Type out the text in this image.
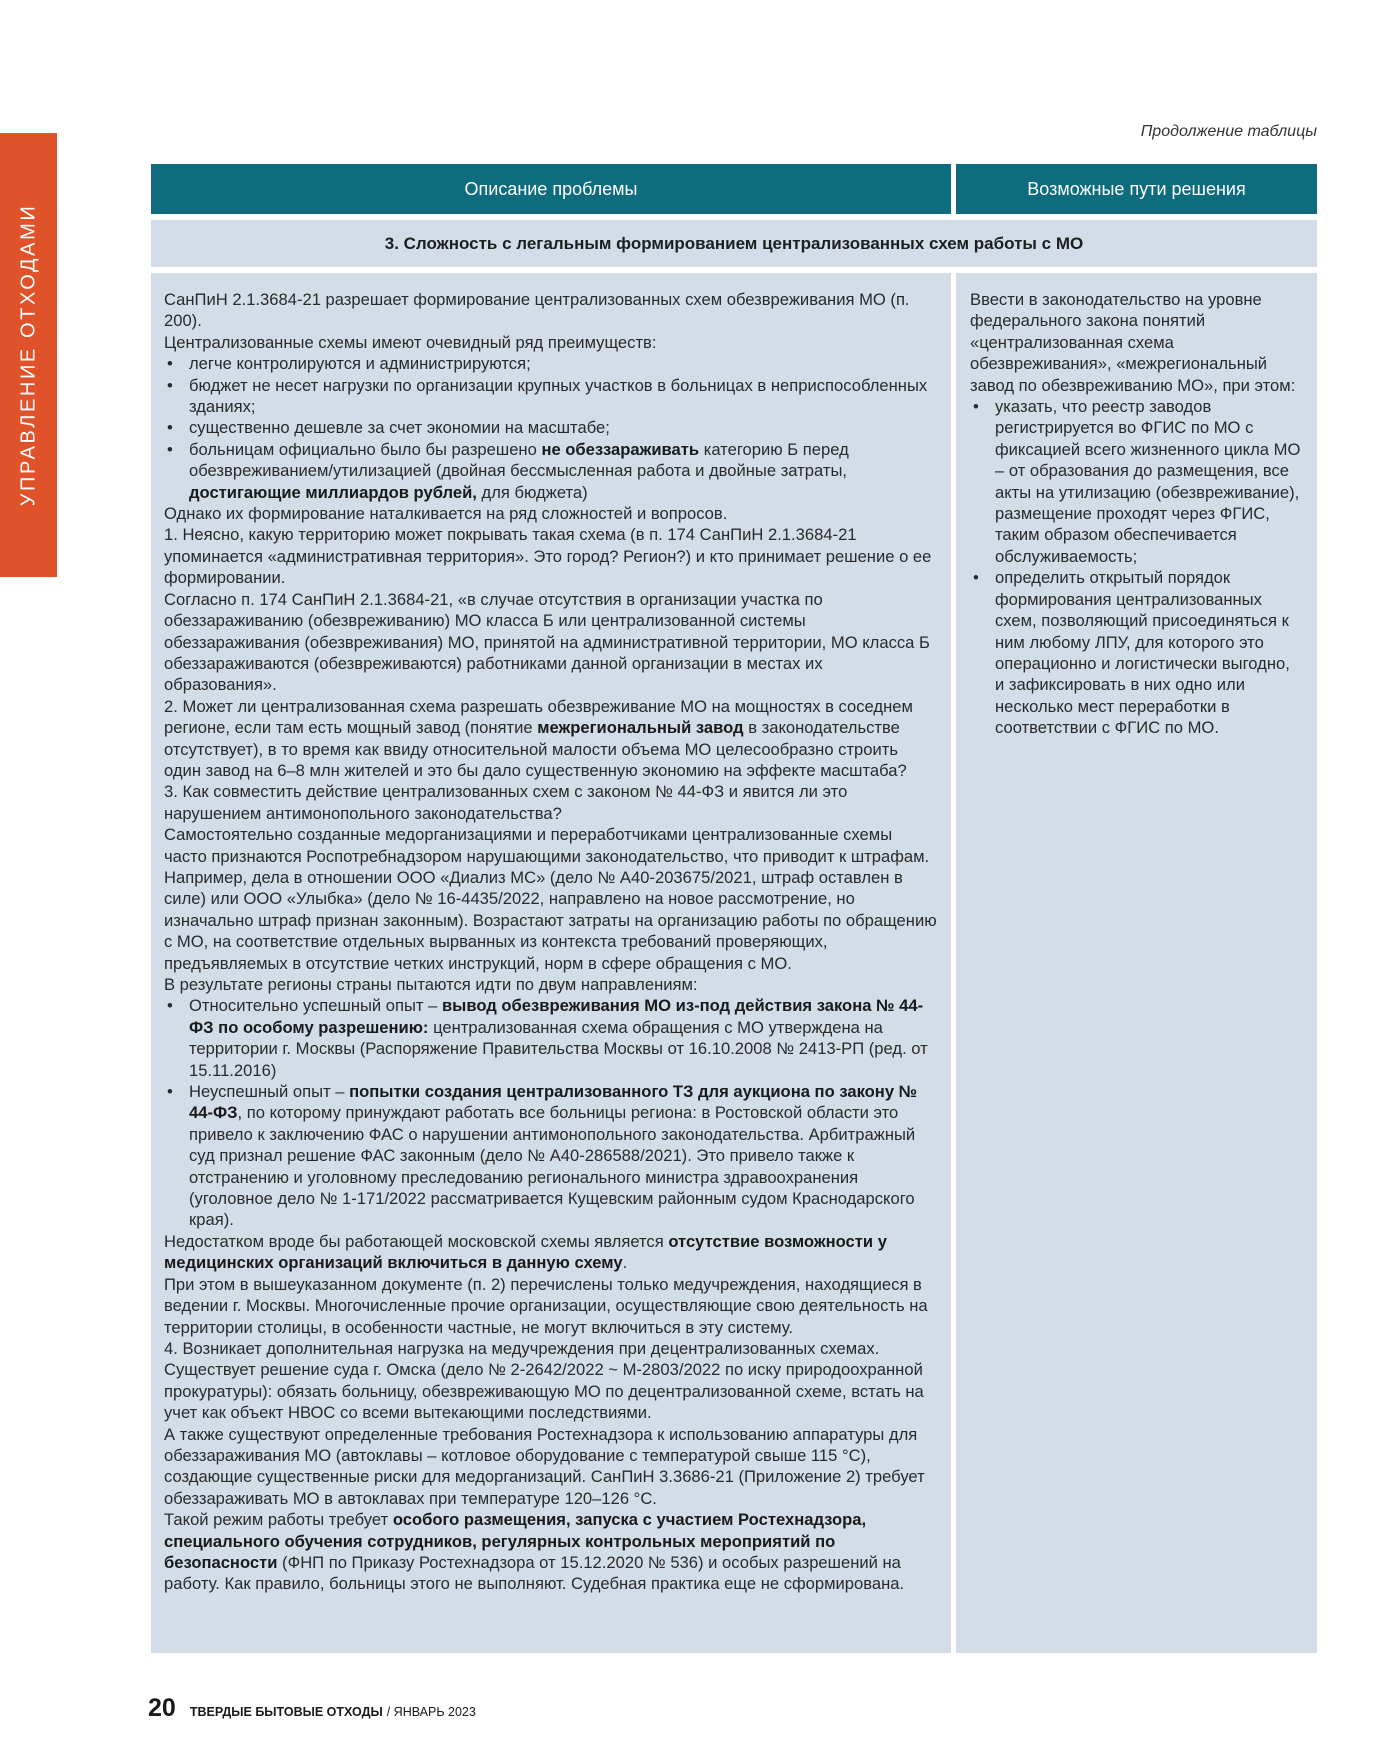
УПРАВЛЕНИЕ ОТХОДАМИ
Продолжение таблицы
Описание проблемы	Возможные пути решения
3. Сложность с легальным формированием централизованных схем работы с МО
СанПиН 2.1.3684-21 разрешает формирование централизованных схем обезвреживания МО (п. 200).
Централизованные схемы имеют очевидный ряд преимуществ:
• легче контролируются и администрируются;
• бюджет не несет нагрузки по организации крупных участков в больницах в неприспособленных зданиях;
• существенно дешевле за счет экономии на масштабе;
• больницам официально было бы разрешено не обеззараживать категорию Б перед обезвреживанием/утилизацией (двойная бессмысленная работа и двойные затраты, достигающие миллиардов рублей, для бюджета)
Однако их формирование наталкивается на ряд сложностей и вопросов.
1. Неясно, какую территорию может покрывать такая схема (в п. 174 СанПиН 2.1.3684-21 упоминается «административная территория». Это город? Регион?) и кто принимает решение о ее формировании.
Согласно п. 174 СанПиН 2.1.3684-21, «в случае отсутствия в организации участка по обеззараживанию (обезвреживанию) МО класса Б или централизованной системы обеззараживания (обезвреживания) МО, принятой на административной территории, МО класса Б обеззараживаются (обезвреживаются) работниками данной организации в местах их образования».
2. Может ли централизованная схема разрешать обезвреживание МО на мощностях в соседнем регионе, если там есть мощный завод (понятие межрегиональный завод в законодательстве отсутствует), в то время как ввиду относительной малости объема МО целесообразно строить один завод на 6–8 млн жителей и это бы дало существенную экономию на эффекте масштаба?
3. Как совместить действие централизованных схем с законом № 44-ФЗ и явится ли это нарушением антимонопольного законодательства?
Самостоятельно созданные медорганизациями и переработчиками централизованные схемы часто признаются Роспотребнадзором нарушающими законодательство, что приводит к штрафам. Например, дела в отношении ООО «Диализ МС» (дело № А40-203675/2021, штраф оставлен в силе) или ООО «Улыбка» (дело № 16-4435/2022, направлено на новое рассмотрение, но изначально штраф признан законным). Возрастают затраты на организацию работы по обращению с МО, на соответствие отдельных вырванных из контекста требований проверяющих, предъявляемых в отсутствие четких инструкций, норм в сфере обращения с МО.
В результате регионы страны пытаются идти по двум направлениям:
• Относительно успешный опыт – вывод обезвреживания МО из-под действия закона № 44-ФЗ по особому разрешению: централизованная схема обращения с МО утверждена на территории г. Москвы (Распоряжение Правительства Москвы от 16.10.2008 № 2413-РП (ред. от 15.11.2016)
• Неуспешный опыт – попытки создания централизованного ТЗ для аукциона по закону № 44-ФЗ, по которому принуждают работать все больницы региона: в Ростовской области это привело к заключению ФАС о нарушении антимонопольного законодательства. Арбитражный суд признал решение ФАС законным (дело № А40-286588/2021). Это привело также к отстранению и уголовному преследованию регионального министра здравоохранения (уголовное дело № 1-171/2022 рассматривается Кущевским районным судом Краснодарского края).
Недостатком вроде бы работающей московской схемы является отсутствие возможности у медицинских организаций включиться в данную схему.
При этом в вышеуказанном документе (п. 2) перечислены только медучреждения, находящиеся в ведении г. Москвы. Многочисленные прочие организации, осуществляющие свою деятельность на территории столицы, в особенности частные, не могут включиться в эту систему.
4. Возникает дополнительная нагрузка на медучреждения при децентрализованных схемах. Существует решение суда г. Омска (дело № 2-2642/2022 ~ М-2803/2022 по иску природоохранной прокуратуры): обязать больницу, обезвреживающую МО по децентрализованной схеме, встать на учет как объект НВОС со всеми вытекающими последствиями.
А также существуют определенные требования Ростехнадзора к использованию аппаратуры для обеззараживания МО (автоклавы – котловое оборудование с температурой свыше 115 °С), создающие существенные риски для медорганизаций. СанПиН 3.3686-21 (Приложение 2) требует обеззараживать МО в автоклавах при температуре 120–126 °С.
Такой режим работы требует особого размещения, запуска с участием Ростехнадзора, специального обучения сотрудников, регулярных контрольных мероприятий по безопасности (ФНП по Приказу Ростехнадзора от 15.12.2020 № 536) и особых разрешений на работу. Как правило, больницы этого не выполняют. Судебная практика еще не сформирована.
Ввести в законодательство на уровне федерального закона понятий «централизованная схема обезвреживания», «межрегиональный завод по обезвреживанию МО», при этом:
• указать, что реестр заводов регистрируется во ФГИС по МО с фиксацией всего жизненного цикла МО – от образования до размещения, все акты на утилизацию (обезвреживание), размещение проходят через ФГИС, таким образом обеспечивается обслуживаемость;
• определить открытый порядок формирования централизованных схем, позволяющий присоединяться к ним любому ЛПУ, для которого это операционно и логистически выгодно, и зафиксировать в них одно или несколько мест переработки в соответствии с ФГИС по МО.
20 ТВЕРДЫЕ БЫТОВЫЕ ОТХОДЫ / ЯНВАРЬ 2023
